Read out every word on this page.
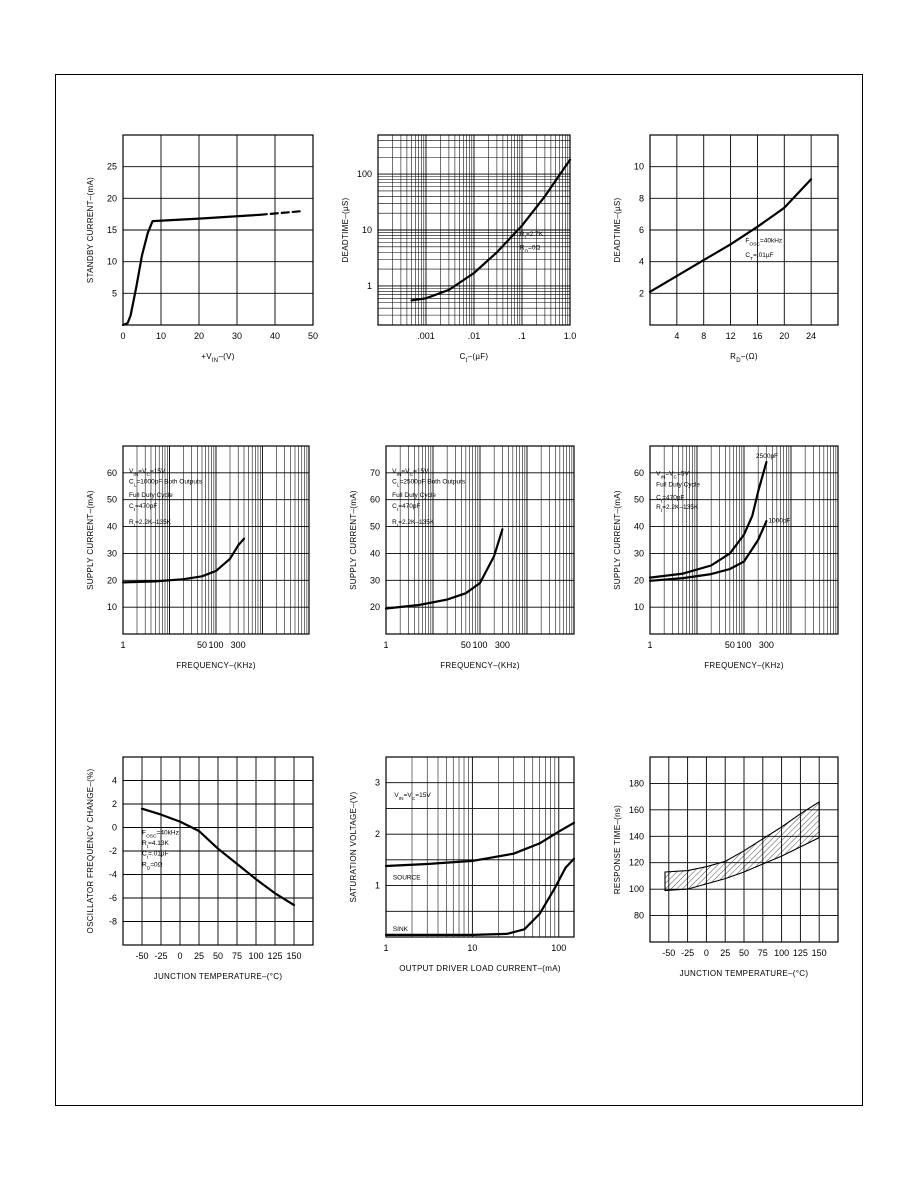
0	10	20	30	40	50
5
10
15
20
25
$+V_{IN}-(V)$
STANDBY CURRENT–(mA)
.001	.01	.1	1.0
1
10
100
$C_t-(\mu F)$
DEADTIME–(µS)	$R_t=2.7K$
$R_D=0\Omega$
4 8 12 16 20 24
2
4
6
8
10
$R_D-(\Omega)$
DEADTIME–(µS)	$F_{OSC}=40kHz$
$C_T=.01\mu F$
1	50 100 300
10
20
30
40
50
60
FREQUENCY–(KHz)
SUPPLY CURRENT–(mA)
$V_{IN}=V_C=15V$
$C_L=1000pF$ Both Outputs
Full Duty Cycle
$C_t=470pF$
$R_t=2.2K-135K$
1	50 100 300
20
30
40
50
60
70
FREQUENCY–(KHz)
SUPPLY CURRENT–(mA)
$V_{IN}=V_C=15V$
$C_L=2500pF$ Both Outputs
Full Duty Cycle
$C_t=470pF$
$R_t=2.2K-135K$
1	50 100 300
10
20
30
40
50
60
FREQUENCY–(KHz)
SUPPLY CURRENT–(mA)
$V_{IN}=V_C=5V$
Full Duty Cycle
$C_t=470pF$
$R_t=2.2K-135K$
2500pF
1000pF
-50 -25 0 25 50 75 100 125 150
4
2
0
-2
-4
-6
-8
JUNCTION TEMPERATURE–(°C)
OSCILLATOR FREQUENCY CHANGE–(%)	$F_{OSC}=40kHz$
$R_t=4.13K$
$C_t=.01\mu F$
$R_D=0\Omega$
1	10	100
1
2
3
OUTPUT DRIVER LOAD CURRENT–(mA)
SATURATION VOLTAGE–(V)	$V_{IN}=V_C=15V$
SOURCE
SINK
-50 -25 0 25 50 75 100 125 150
80
100
120
140
160
180
JUNCTION TEMPERATURE–(°C)
RESPONSE TIME–(ns)
